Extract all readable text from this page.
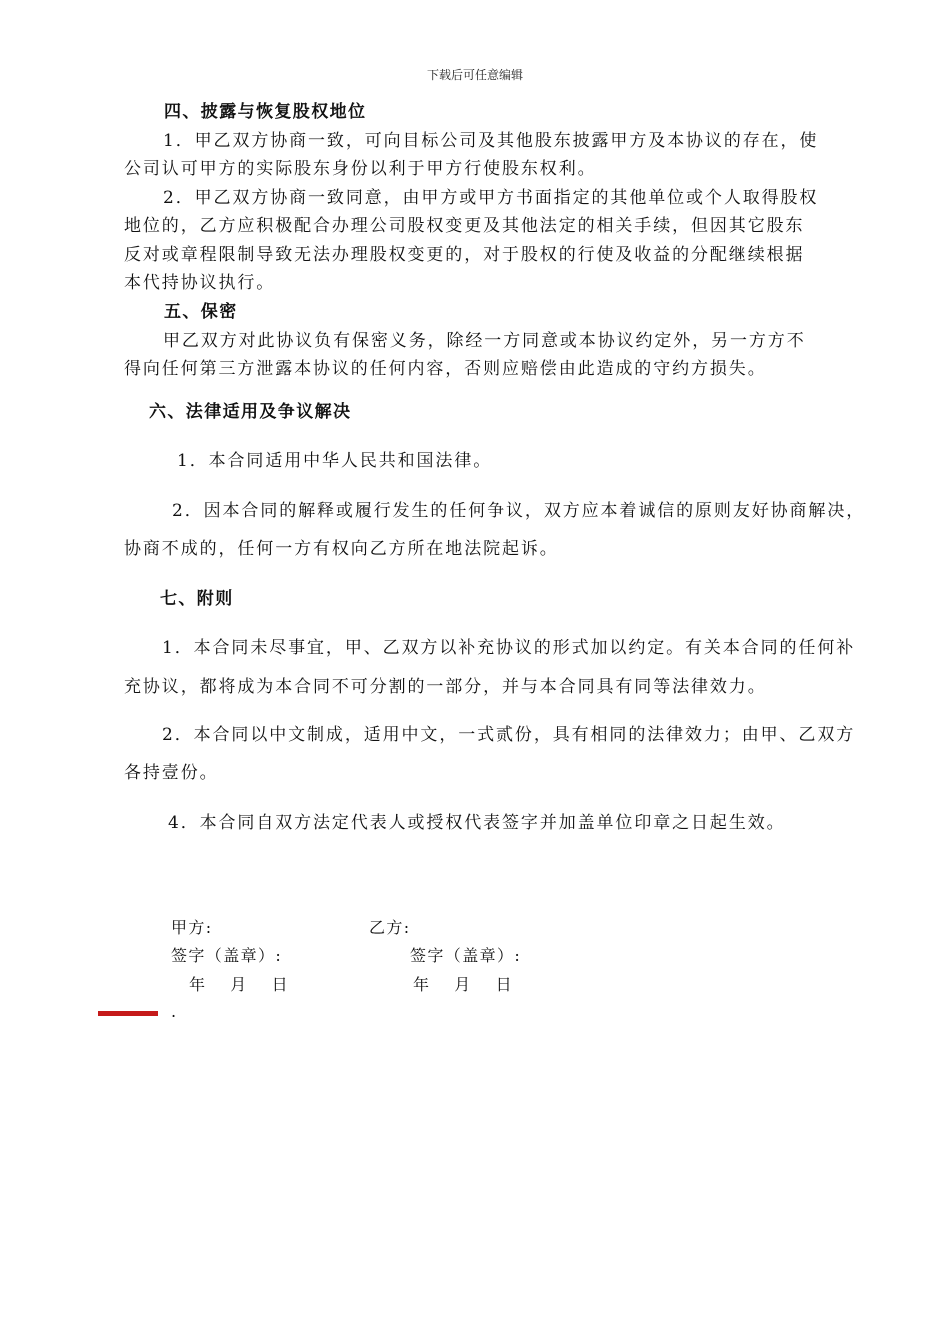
下载后可任意编辑
四、披露与恢复股权地位
1．甲乙双方协商一致，可向目标公司及其他股东披露甲方及本协议的存在，使
公司认可甲方的实际股东身份以利于甲方行使股东权利。
2．甲乙双方协商一致同意，由甲方或甲方书面指定的其他单位或个人取得股权
地位的，乙方应积极配合办理公司股权变更及其他法定的相关手续，但因其它股东
反对或章程限制导致无法办理股权变更的，对于股权的行使及收益的分配继续根据
本代持协议执行。
五、保密
甲乙双方对此协议负有保密义务，除经一方同意或本协议约定外，另一方方不
得向任何第三方泄露本协议的任何内容，否则应赔偿由此造成的守约方损失。
六、法律适用及争议解决
1．本合同适用中华人民共和国法律。
2．因本合同的解释或履行发生的任何争议，双方应本着诚信的原则友好协商解决，
协商不成的，任何一方有权向乙方所在地法院起诉。
七、附则
1．本合同未尽事宜，甲、乙双方以补充协议的形式加以约定。有关本合同的任何补
充协议，都将成为本合同不可分割的一部分，并与本合同具有同等法律效力。
2．本合同以中文制成，适用中文，一式贰份，具有相同的法律效力；由甲、乙双方
各持壹份。
4．本合同自双方法定代表人或授权代表签字并加盖单位印章之日起生效。
甲方:	乙方:
签字（盖章）:	签字（盖章）:
年　 月　 日	年　 月　 日
.
